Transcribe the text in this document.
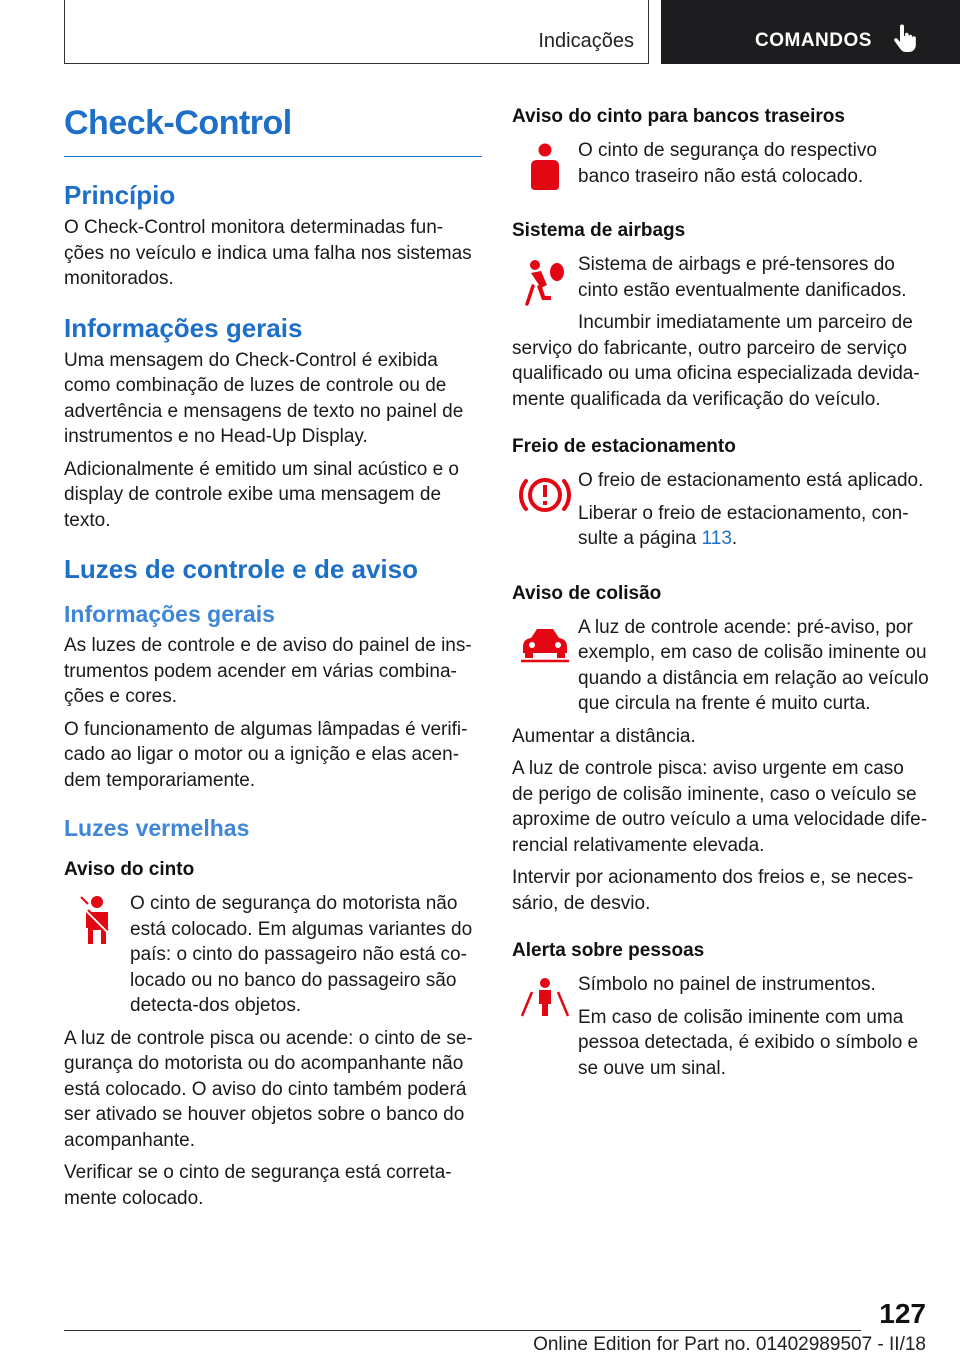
Indicações	COMANDOS
Check-Control
Princípio

O Check-Control monitora determinadas fun-ções no veículo e indica uma falha nos sistemas monitorados.

Informações gerais

Uma mensagem do Check-Control é exibida como combinação de luzes de controle ou de advertência e mensagens de texto no painel de instrumentos e no Head-Up Display.

Adicionalmente é emitido um sinal acústico e o display de controle exibe uma mensagem de texto.

Luzes de controle e de aviso
Informações gerais

As luzes de controle e de aviso do painel de ins-trumentos podem acender em várias combina-ções e cores.

O funcionamento de algumas lâmpadas é verifi-cado ao ligar o motor ou a ignição e elas acen-dem temporariamente.

Luzes vermelhas
Aviso do cinto

O cinto de segurança do motorista não está colocado. Em algumas variantes do país: o cinto do passageiro não está co-locado ou no banco do passageiro são detecta-dos objetos.

A luz de controle pisca ou acende: o cinto de se-gurança do motorista ou do acompanhante não está colocado. O aviso do cinto também poderá ser ativado se houver objetos sobre o banco do acompanhante.

Verificar se o cinto de segurança está correta-mente colocado.

Aviso do cinto para bancos traseiros

O cinto de segurança do respectivo banco traseiro não está colocado.

Sistema de airbags

Sistema de airbags e pré-tensores do cinto estão eventualmente danificados.

Incumbir imediatamente um parceiro de serviço do fabricante, outro parceiro de serviço qualificado ou uma oficina especializada devida-mente qualificada da verificação do veículo.

Freio de estacionamento

O freio de estacionamento está aplicado.

Liberar o freio de estacionamento, con-sulte a página 113.

Aviso de colisão

A luz de controle acende: pré-aviso, por exemplo, em caso de colisão iminente ou quando a distância em relação ao veículo que circula na frente é muito curta.

Aumentar a distância.

A luz de controle pisca: aviso urgente em caso de perigo de colisão iminente, caso o veículo se aproxime de outro veículo a uma velocidade dife-rencial relativamente elevada.

Intervir por acionamento dos freios e, se neces-sário, de desvio.

Alerta sobre pessoas

Símbolo no painel de instrumentos.

Em caso de colisão iminente com uma pessoa detectada, é exibido o símbolo e se ouve um sinal.

127
Online Edition for Part no. 01402989507 - II/18
